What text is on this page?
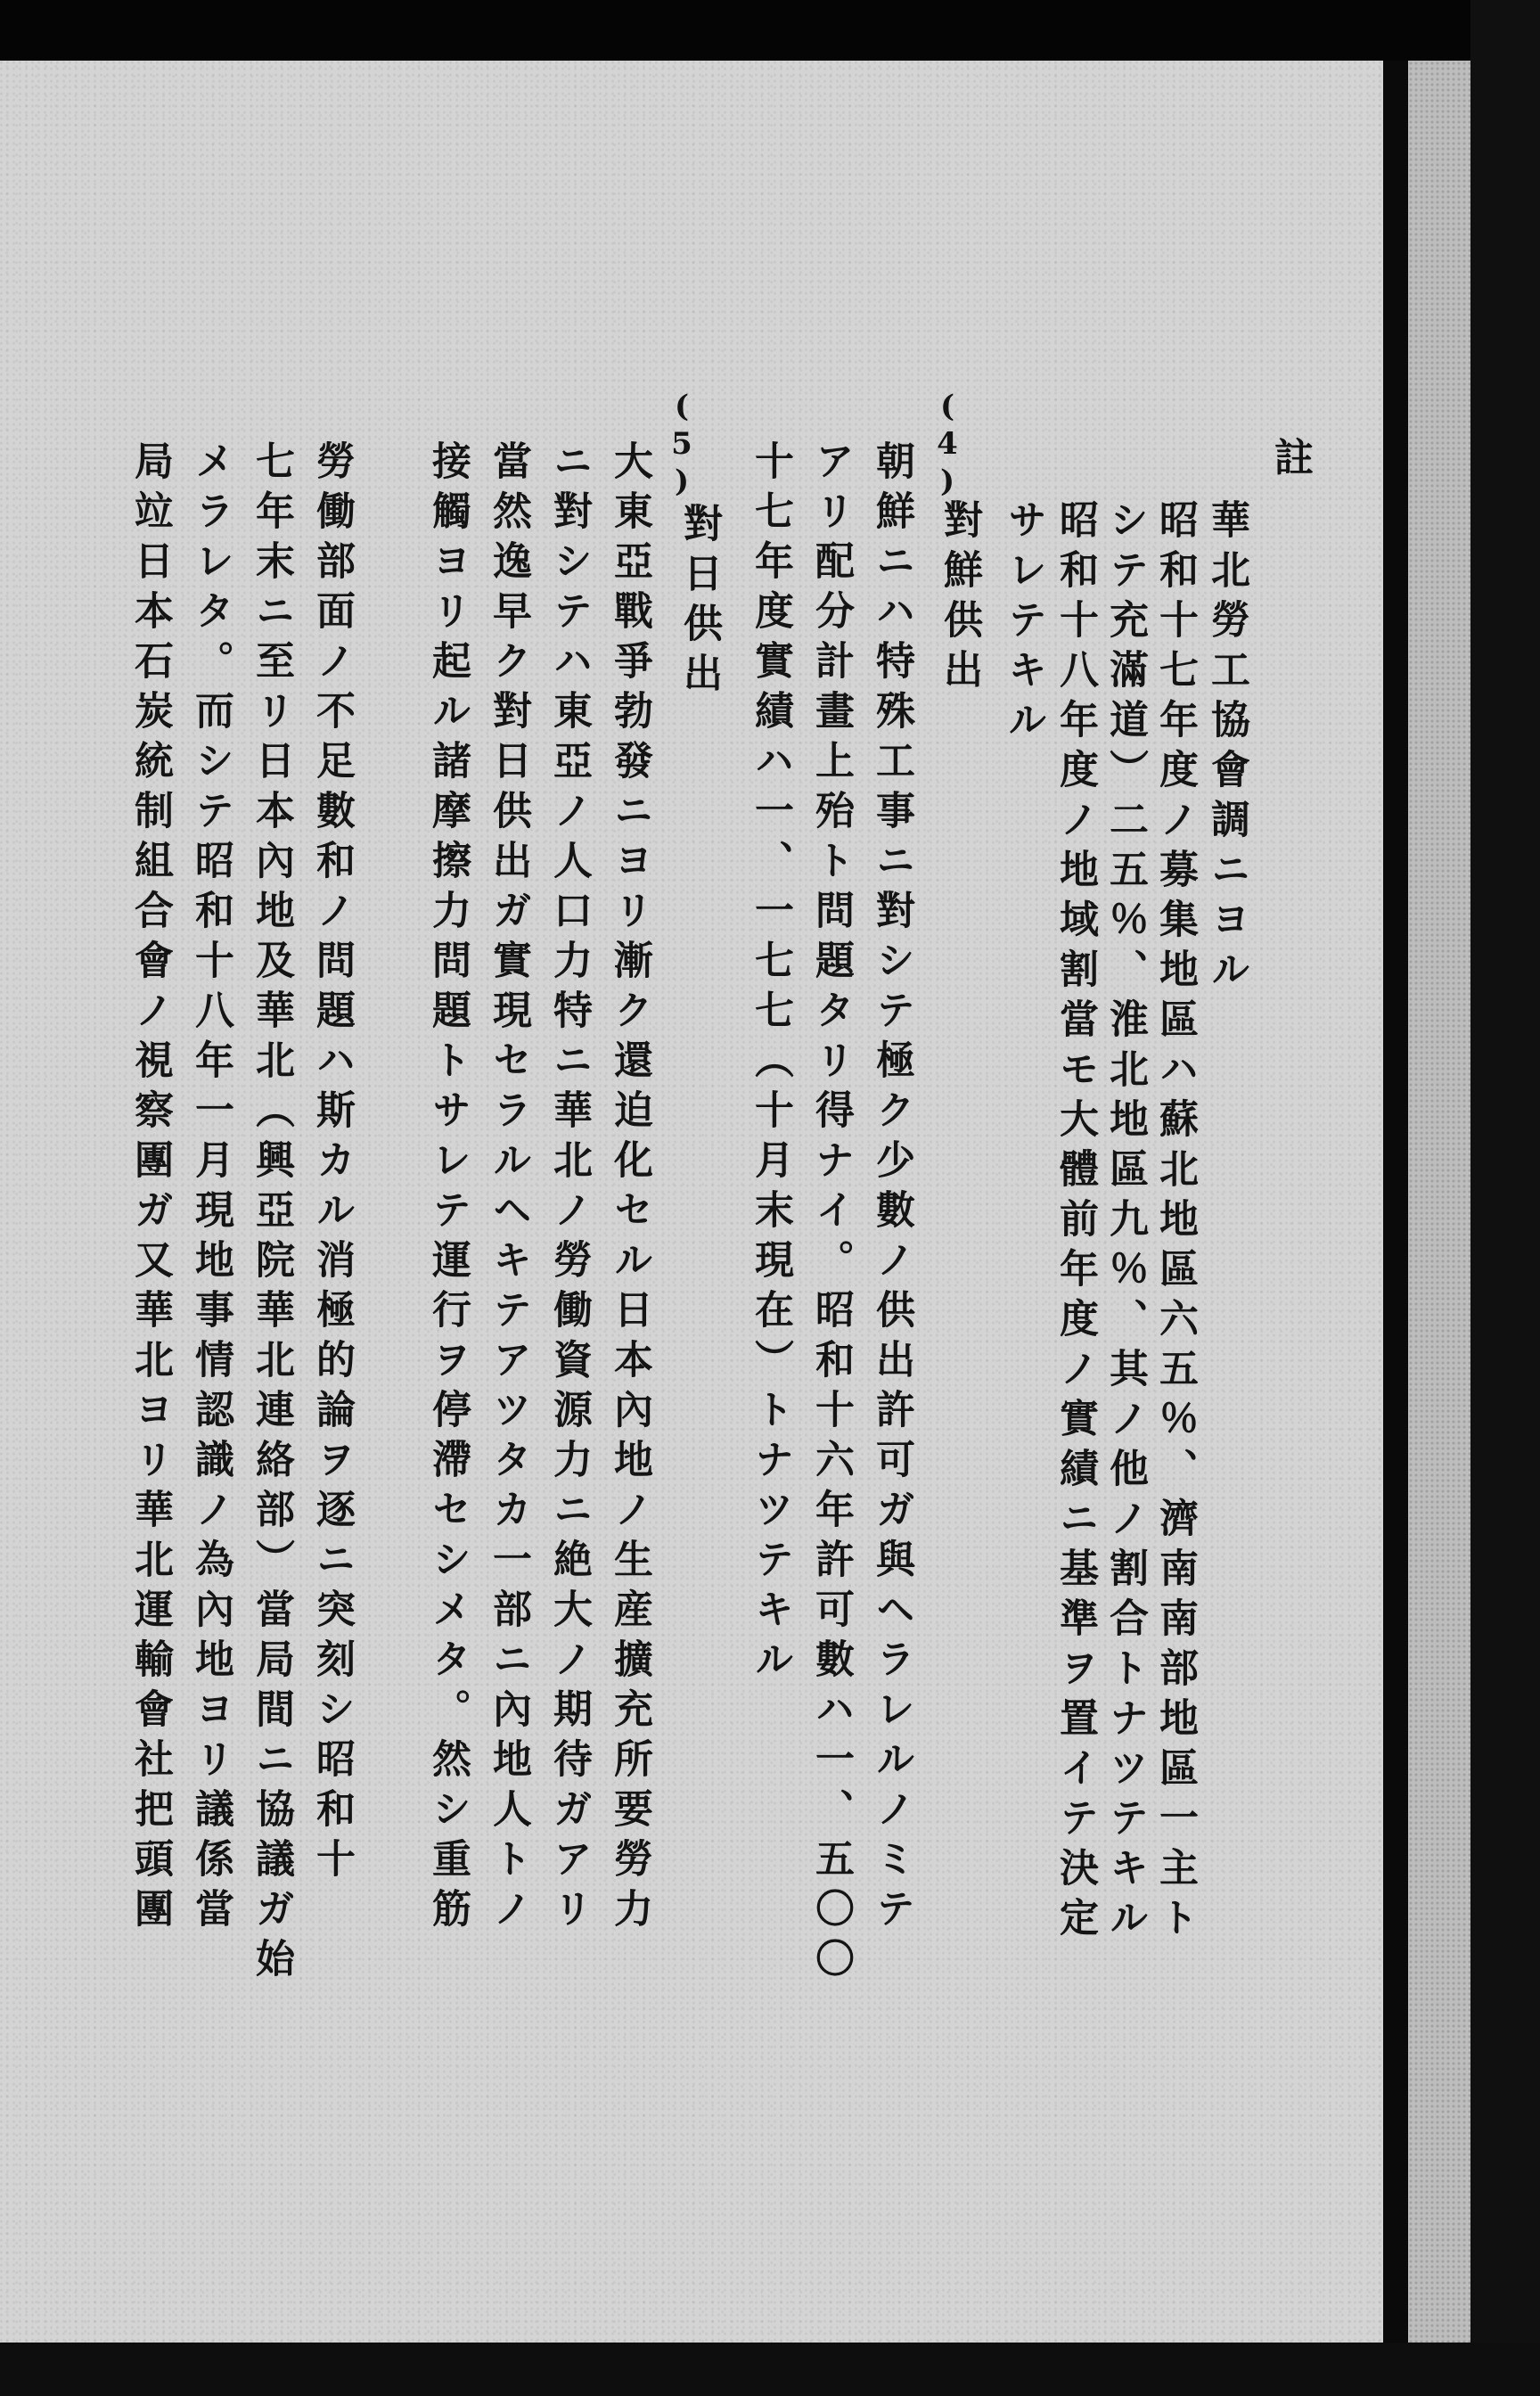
註
(4)
(5)
華北勞工協會調ニヨル
昭和十七年度ノ募集地區ハ蘇北地區六五％、濟南南部地區一主ト
シテ充滿道）二五％、淮北地區九％、其ノ他ノ割合トナツテキル
昭和十八年度ノ地域割當モ大體前年度ノ實績ニ基準ヲ置イテ決定
サレテキル
對鮮供出
朝鮮ニハ特殊工事ニ對シテ極ク少數ノ供出許可ガ與ヘラレルノミテ
アリ配分計畫上殆ト問題タリ得ナイ。昭和十六年許可數ハ一、五〇〇
十七年度實績ハ一、一七七（十月末現在）トナツテキル
對日供出
大東亞戰爭勃發ニヨリ漸ク還迫化セル日本內地ノ生産擴充所要勞力
ニ對シテハ東亞ノ人口力特ニ華北ノ勞働資源力ニ絶大ノ期待ガアリ
當然逸早ク對日供出ガ實現セラルヘキテアツタカ一部ニ內地人トノ
接觸ヨリ起ル諸摩擦力問題トサレテ運行ヲ停滯セシメタ。然シ重筋
勞働部面ノ不足數和ノ問題ハ斯カル消極的論ヲ逐ニ突刻シ昭和十
七年末ニ至リ日本內地及華北（興亞院華北連絡部）當局間ニ協議ガ始
メラレタ。而シテ昭和十八年一月現地事情認識ノ為內地ヨリ議係當
局竝日本石炭統制組合會ノ視察團ガ又華北ヨリ華北運輸會社把頭團
